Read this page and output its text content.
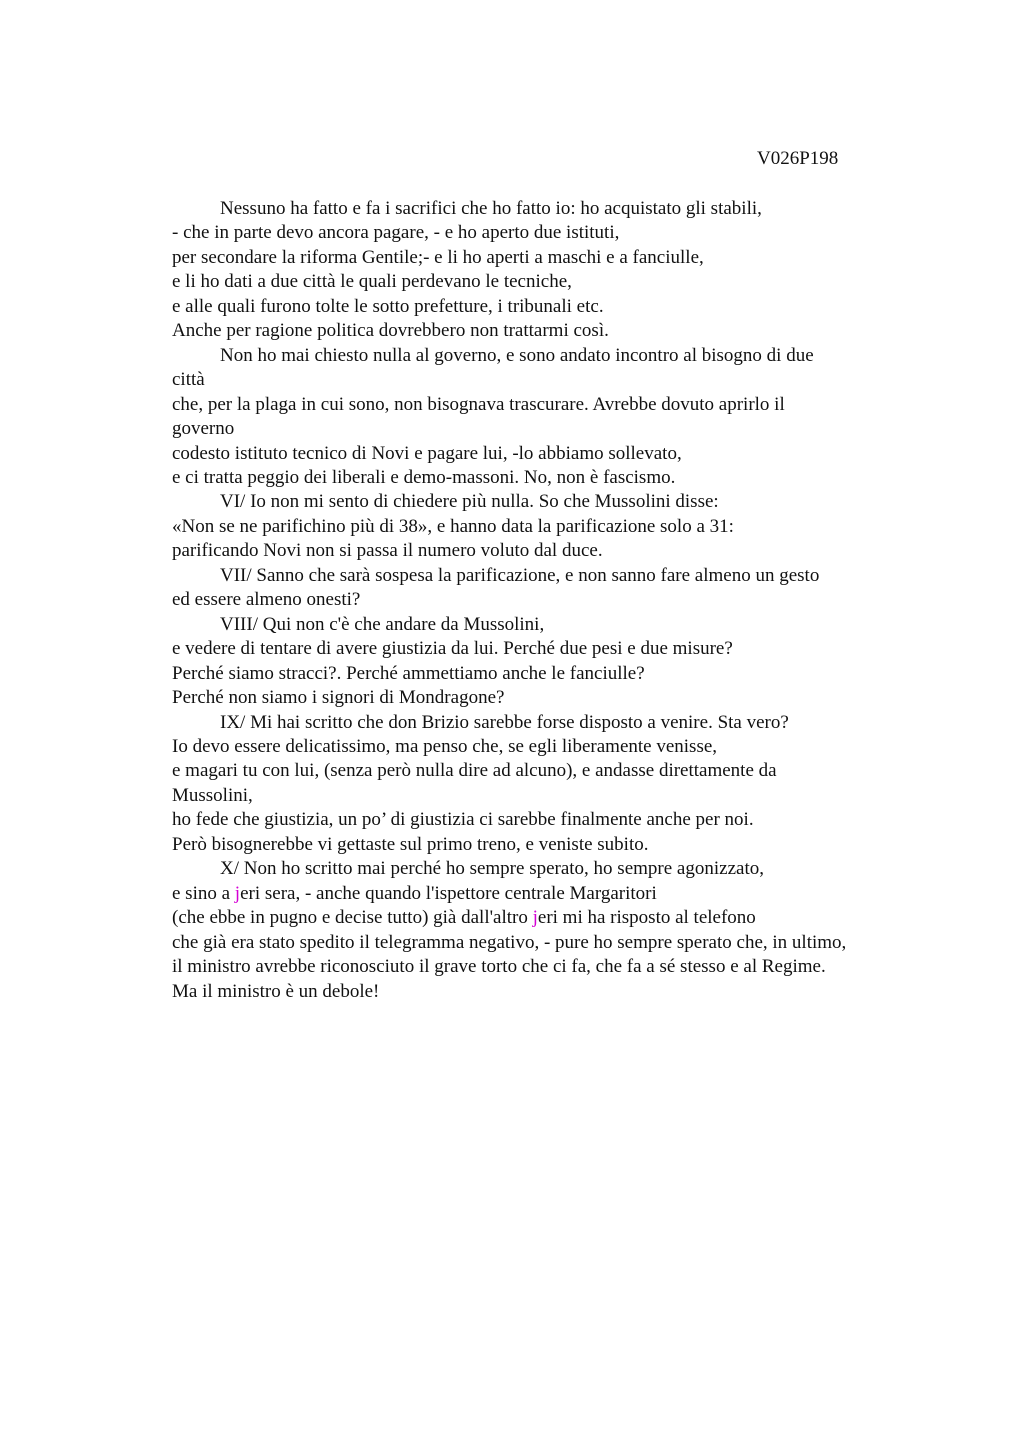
V026P198
Nessuno ha fatto e fa i sacrifici che ho fatto io: ho acquistato gli stabili,
- che in parte devo ancora pagare, - e ho aperto due istituti,
per secondare la riforma Gentile;- e li ho aperti a maschi e a fanciulle,
e li ho dati a due città le quali perdevano le tecniche,
e alle quali furono tolte le sotto prefetture, i tribunali etc.
Anche per ragione politica dovrebbero non trattarmi così.
Non ho mai chiesto nulla al governo, e sono andato incontro al bisogno di due
città
che, per la plaga in cui sono, non bisognava trascurare. Avrebbe dovuto aprirlo il
governo
codesto istituto tecnico di Novi e pagare lui, -lo abbiamo sollevato,
e ci tratta peggio dei liberali e demo-massoni. No, non è fascismo.
VI/ Io non mi sento di chiedere più nulla. So che Mussolini disse:
«Non se ne parifichino più di 38», e hanno data la parificazione solo a 31:
parificando Novi non si passa il numero voluto dal duce.
VII/ Sanno che sarà sospesa la parificazione, e non sanno fare almeno un gesto
ed essere almeno onesti?
VIII/ Qui non c'è che andare da Mussolini,
e vedere di tentare di avere giustizia da lui. Perché due pesi e due misure?
Perché siamo stracci?. Perché ammettiamo anche le fanciulle?
Perché non siamo i signori di Mondragone?
IX/ Mi hai scritto che don Brizio sarebbe forse disposto a venire. Sta vero?
Io devo essere delicatissimo, ma penso che, se egli liberamente venisse,
e magari tu con lui, (senza però nulla dire ad alcuno), e andasse direttamente da
Mussolini,
ho fede che giustizia, un po’ di giustizia ci sarebbe finalmente anche per noi.
Però bisognerebbe vi gettaste sul primo treno, e veniste subito.
X/ Non ho scritto mai perché ho sempre sperato, ho sempre agonizzato,
e sino a jeri sera, - anche quando l'ispettore centrale Margaritori
(che ebbe in pugno e decise tutto) già dall'altro jeri mi ha risposto al telefono
che già era stato spedito il telegramma negativo, - pure ho sempre sperato che, in ultimo,
il ministro avrebbe riconosciuto il grave torto che ci fa, che fa a sé stesso e al Regime.
Ma il ministro è un debole!
